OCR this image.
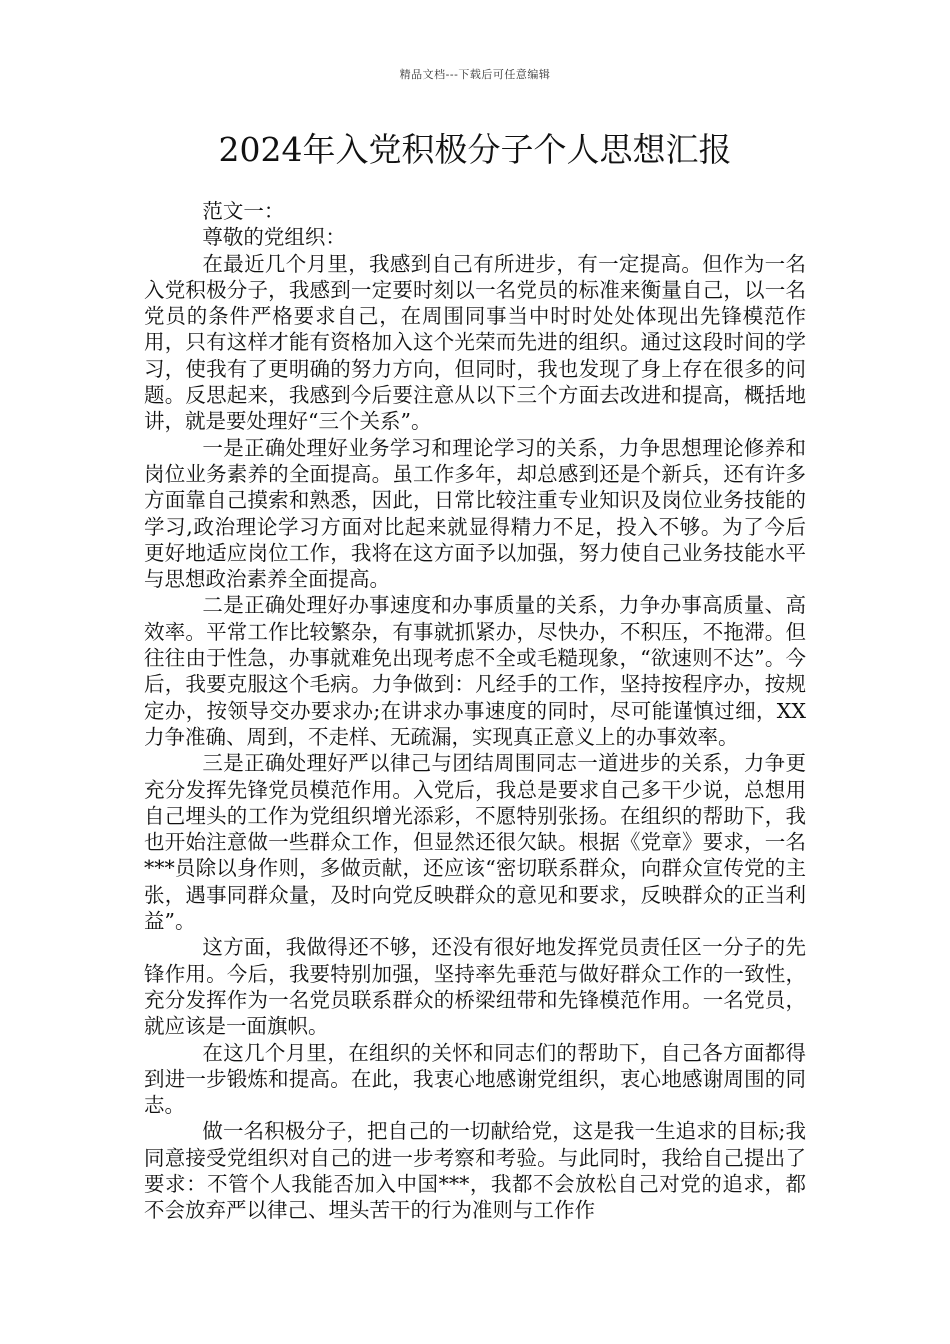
精品文档---下载后可任意编辑
2024年入党积极分子个人思想汇报

范文一：

尊敬的党组织：

在最近几个月里，我感到自己有所进步，有一定提高。但作为一名入党积极分子，我感到一定要时刻以一名党员的标准来衡量自己，以一名党员的条件严格要求自己，在周围同事当中时时处处体现出先锋模范作用，只有这样才能有资格加入这个光荣而先进的组织。通过这段时间的学习，使我有了更明确的努力方向，但同时，我也发现了身上存在很多的问题。反思起来，我感到今后要注意从以下三个方面去改进和提高，概括地讲，就是要处理好“三个关系”。

一是正确处理好业务学习和理论学习的关系，力争思想理论修养和岗位业务素养的全面提高。虽工作多年，却总感到还是个新兵，还有许多方面靠自己摸索和熟悉，因此，日常比较注重专业知识及岗位业务技能的学习,政治理论学习方面对比起来就显得精力不足，投入不够。为了今后更好地适应岗位工作，我将在这方面予以加强，努力使自己业务技能水平与思想政治素养全面提高。

二是正确处理好办事速度和办事质量的关系，力争办事高质量、高效率。平常工作比较繁杂，有事就抓紧办，尽快办，不积压，不拖滞。但往往由于性急，办事就难免出现考虑不全或毛糙现象，“欲速则不达”。今后，我要克服这个毛病。力争做到：凡经手的工作，坚持按程序办，按规定办，按领导交办要求办;在讲求办事速度的同时，尽可能谨慎过细，XX力争准确、周到，不走样、无疏漏，实现真正意义上的办事效率。

三是正确处理好严以律己与团结周围同志一道进步的关系，力争更充分发挥先锋党员模范作用。入党后，我总是要求自己多干少说，总想用自己埋头的工作为党组织增光添彩，不愿特别张扬。在组织的帮助下，我也开始注意做一些群众工作，但显然还很欠缺。根据《党章》要求，一名***员除以身作则，多做贡献，还应该“密切联系群众，向群众宣传党的主张，遇事同群众量，及时向党反映群众的意见和要求，反映群众的正当利益”。

这方面，我做得还不够，还没有很好地发挥党员责任区一分子的先锋作用。今后，我要特别加强，坚持率先垂范与做好群众工作的一致性，充分发挥作为一名党员联系群众的桥梁纽带和先锋模范作用。一名党员，就应该是一面旗帜。

在这几个月里，在组织的关怀和同志们的帮助下，自己各方面都得到进一步锻炼和提高。在此，我衷心地感谢党组织，衷心地感谢周围的同志。

做一名积极分子，把自己的一切献给党，这是我一生追求的目标;我同意接受党组织对自己的进一步考察和考验。与此同时，我给自己提出了要求：不管个人我能否加入中国***，我都不会放松自己对党的追求，都不会放弃严以律己、埋头苦干的行为准则与工作作
